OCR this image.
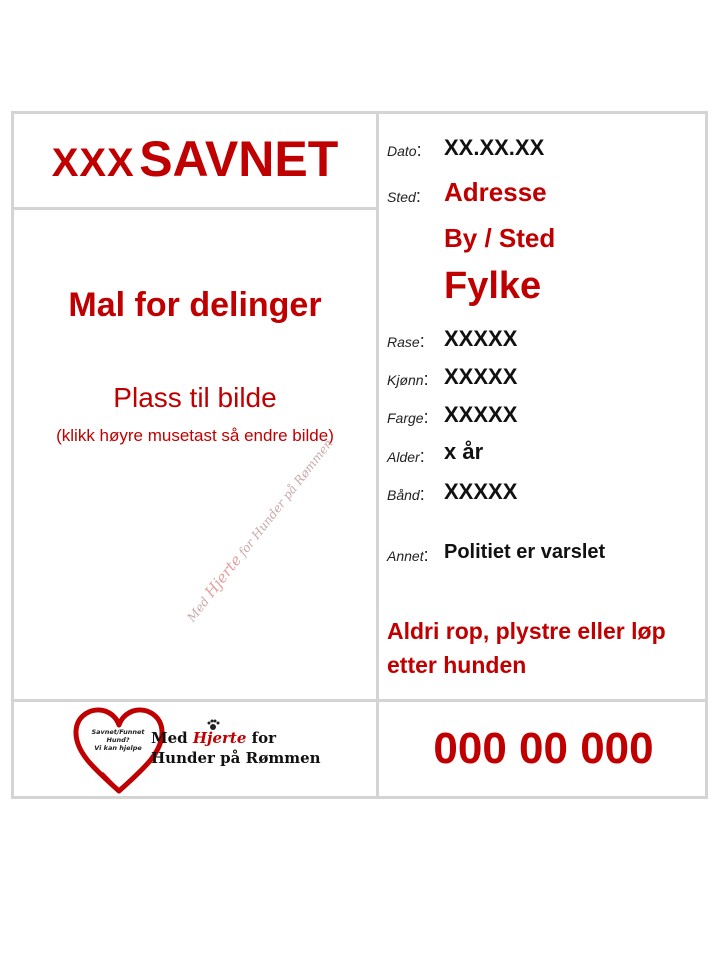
XXX SAVNET
Mal for delinger
Plass til bilde
(klikk høyre musetast så endre bilde)
Med Hjerte for Hunder på Rømmen
Dato: XX.XX.XX
Sted: Adresse
By / Sted
Fylke
Rase: XXXXX
Kjønn: XXXXX
Farge: XXXXX
Alder: x år
Bånd: XXXXX
Annet: Politiet er varslet
Aldri rop, plystre eller løp etter hunden
Savnet/Funnet
Hund?
Vi kan hjelpe
Med Hjerte for
Hunder på Rømmen	000 00 000
